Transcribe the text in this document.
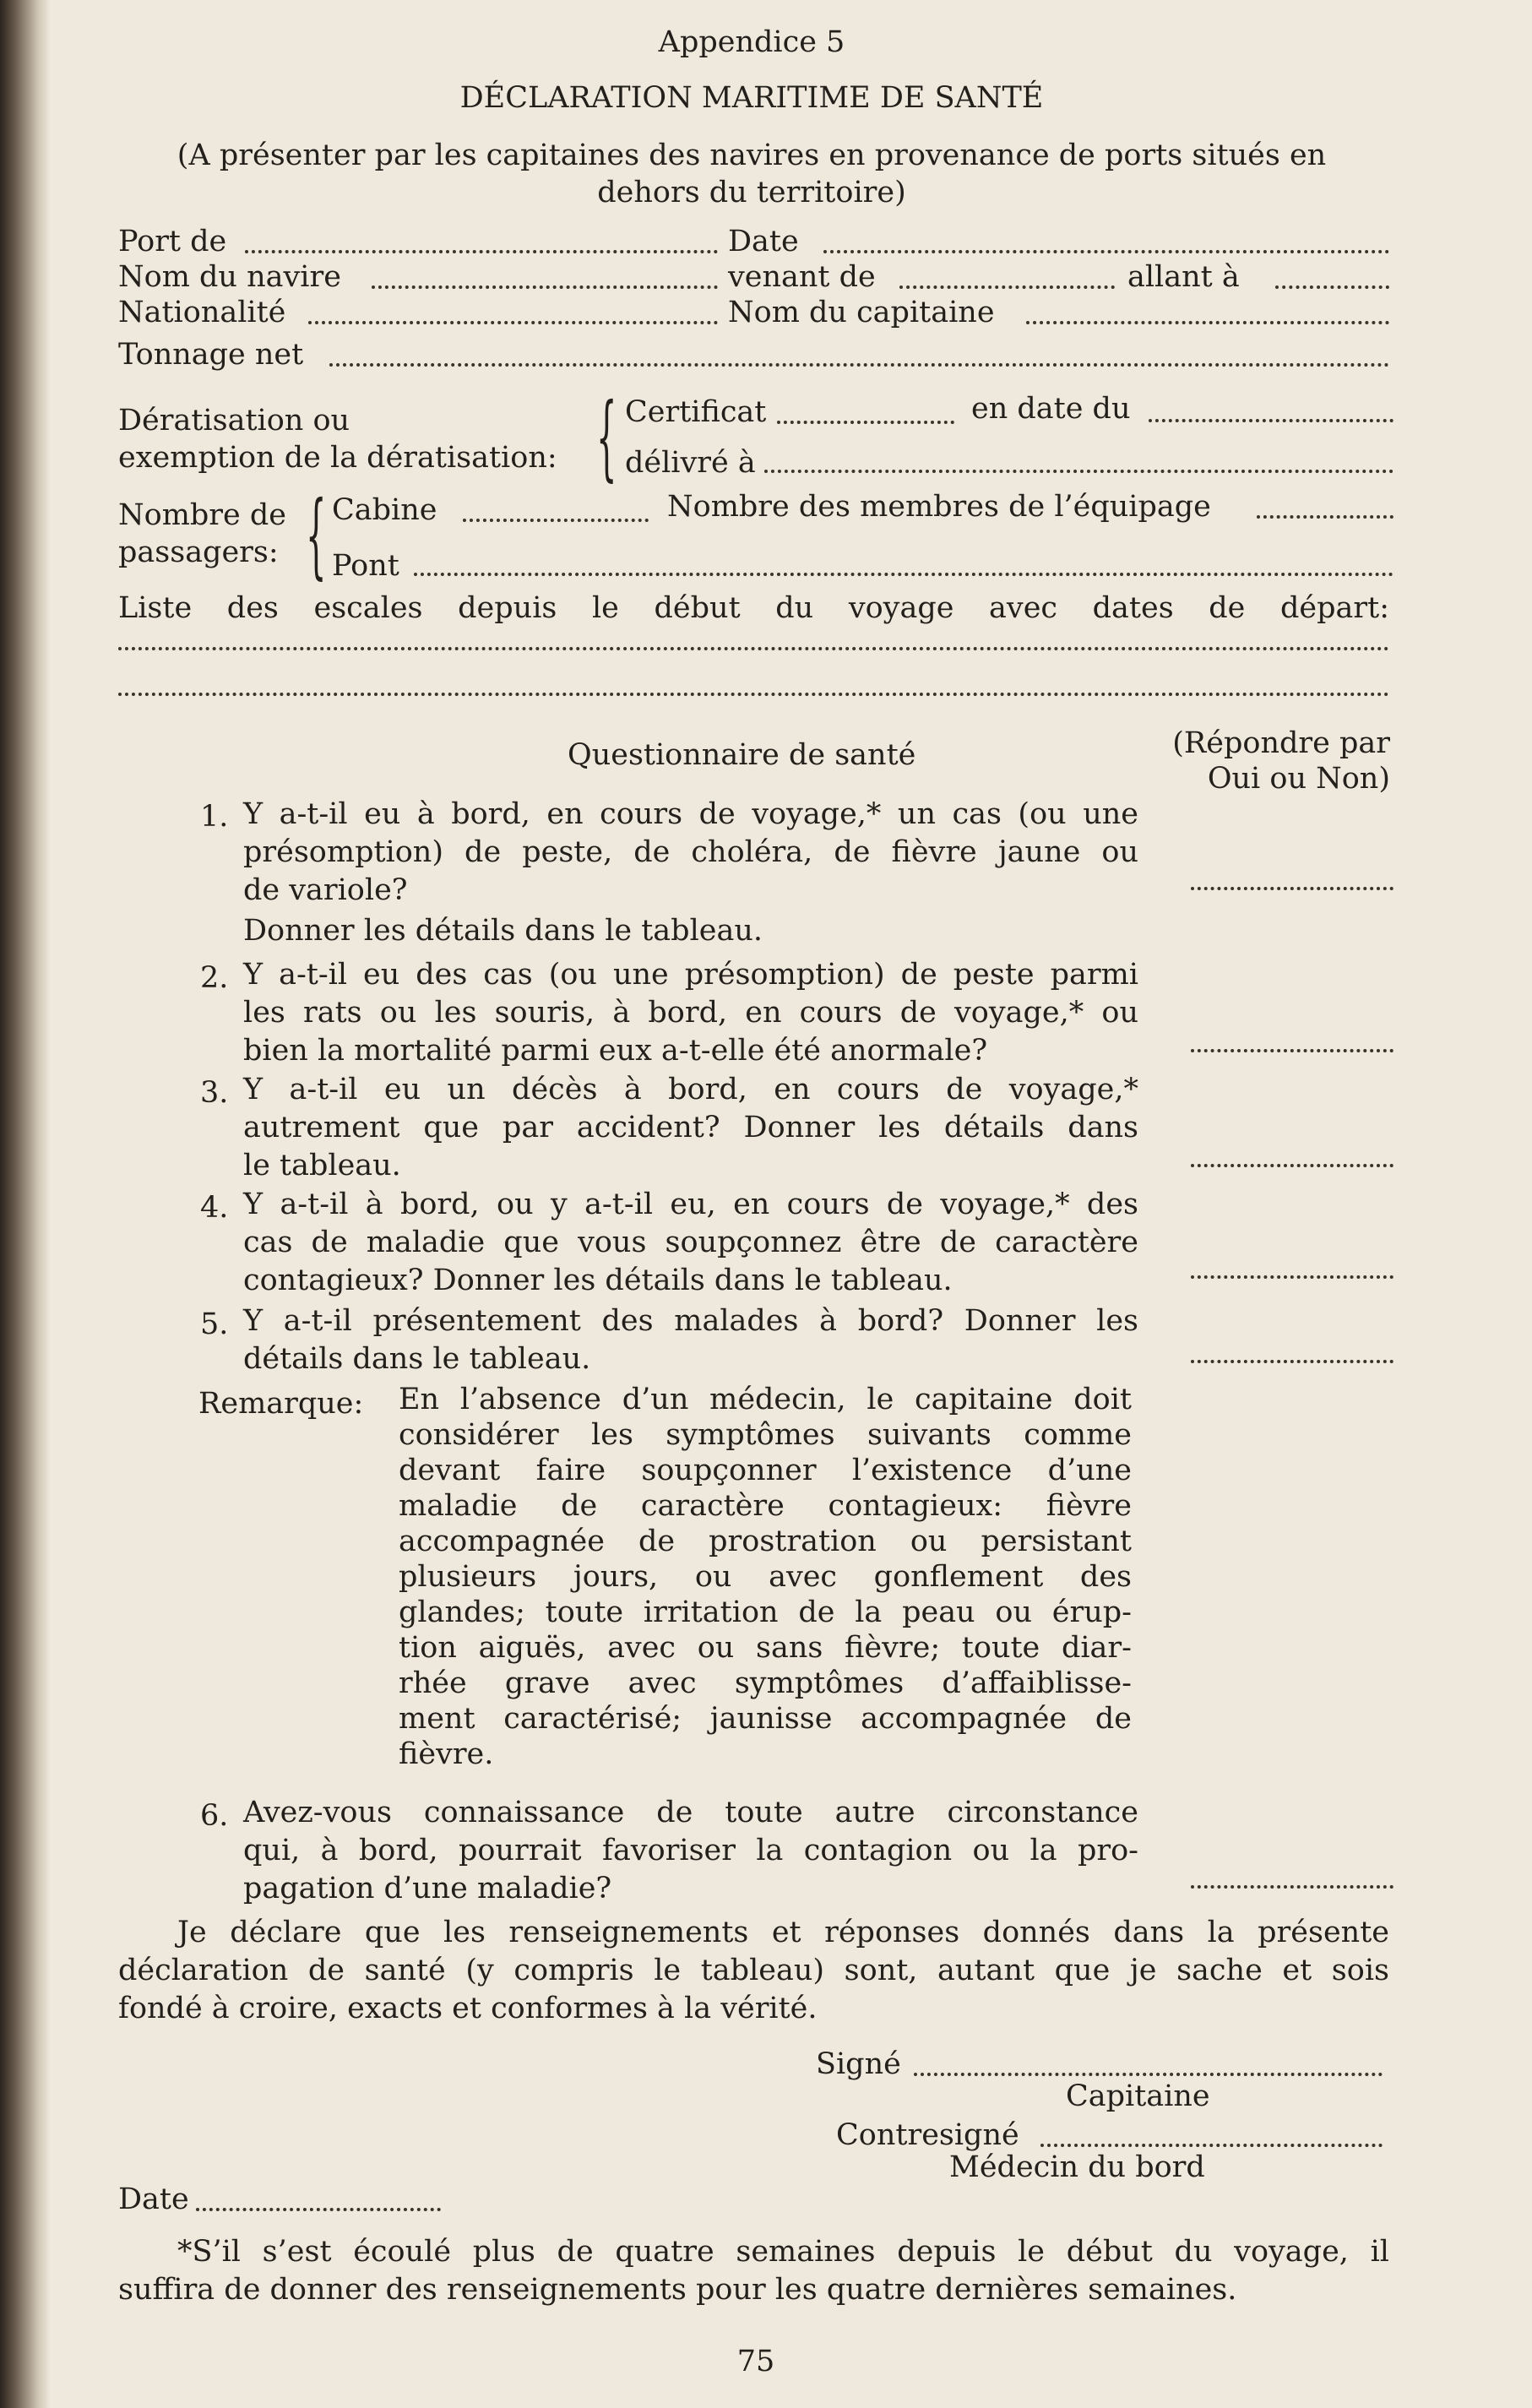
Appendice 5
DÉCLARATION MARITIME DE SANTÉ
(A présenter par les capitaines des navires en provenance de ports situés en
dehors du territoire)
Port de	Date
Nom du navire	venant de	allant à
Nationalité	Nom du capitaine
Tonnage net
Dératisation ou
exemption de la dératisation: { Certificat	en date du
délivré à
Nombre de
passagers: { Cabine	Nombre des membres de l’équipage
Pont
Liste des escales depuis le début du voyage avec dates de départ:
Questionnaire de santé	(Répondre par
Oui ou Non)
1. Y a-t-il eu à bord, en cours de voyage,* un cas (ou une
présomption) de peste, de choléra, de fièvre jaune ou
de variole?
Donner les détails dans le tableau.
2. Y a-t-il eu des cas (ou une présomption) de peste parmi
les rats ou les souris, à bord, en cours de voyage,* ou
bien la mortalité parmi eux a-t-elle été anormale?
3. Y a-t-il eu un décès à bord, en cours de voyage,*
autrement que par accident? Donner les détails dans
le tableau.
4. Y a-t-il à bord, ou y a-t-il eu, en cours de voyage,* des
cas de maladie que vous soupçonnez être de caractère
contagieux? Donner les détails dans le tableau.
5. Y a-t-il présentement des malades à bord? Donner les
détails dans le tableau.
Remarque: En l’absence d’un médecin, le capitaine doit
considérer les symptômes suivants comme
devant faire soupçonner l’existence d’une
maladie de caractère contagieux: fièvre
accompagnée de prostration ou persistant
plusieurs jours, ou avec gonflement des
glandes; toute irritation de la peau ou érup-
tion aiguës, avec ou sans fièvre; toute diar-
rhée grave avec symptômes d’affaiblisse-
ment caractérisé; jaunisse accompagnée de
fièvre.
6. Avez-vous connaissance de toute autre circonstance
qui, à bord, pourrait favoriser la contagion ou la pro-
pagation d’une maladie?
Je déclare que les renseignements et réponses donnés dans la présente
déclaration de santé (y compris le tableau) sont, autant que je sache et sois
fondé à croire, exacts et conformes à la vérité.
Signé
Capitaine
Contresigné
Médecin du bord
Date
*S’il s’est écoulé plus de quatre semaines depuis le début du voyage, il
suffira de donner des renseignements pour les quatre dernières semaines.
75
